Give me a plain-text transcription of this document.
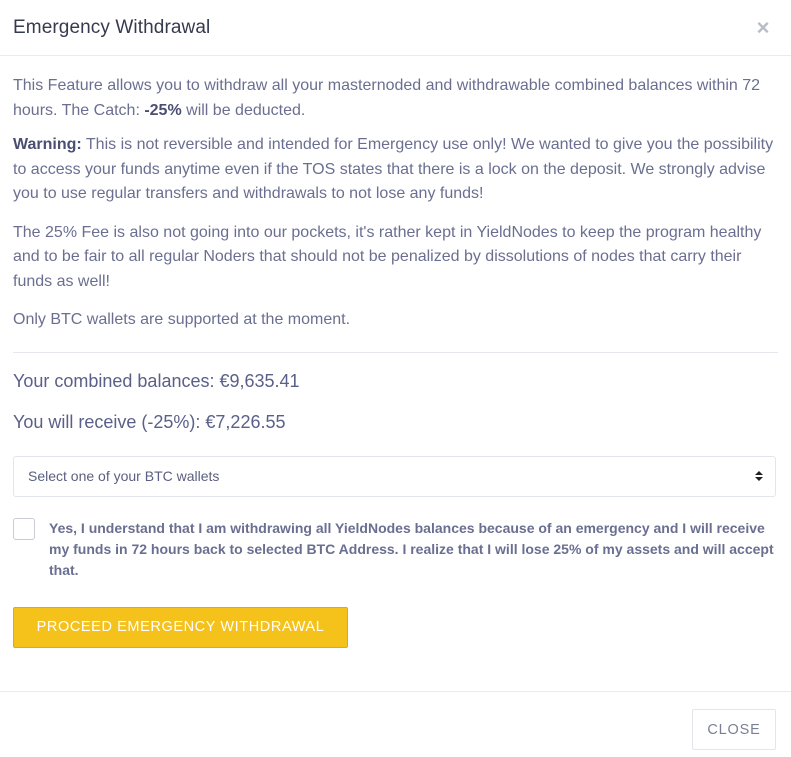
Emergency Withdrawal	×

This Feature allows you to withdraw all your masternoded and withdrawable combined balances within 72 hours. The Catch: -25% will be deducted.

Warning: This is not reversible and intended for Emergency use only! We wanted to give you the possibility to access your funds anytime even if the TOS states that there is a lock on the deposit. We strongly advise you to use regular transfers and withdrawals to not lose any funds!

The 25% Fee is also not going into our pockets, it's rather kept in YieldNodes to keep the program healthy and to be fair to all regular Noders that should not be penalized by dissolutions of nodes that carry their funds as well!

Only BTC wallets are supported at the moment.

Your combined balances: €9,635.41
You will receive (-25%): €7,226.55
Select one of your BTC wallets
Yes, I understand that I am withdrawing all YieldNodes balances because of an emergency and I will receive my funds in 72 hours back to selected BTC Address. I realize that I will lose 25% of my assets and will accept that.
PROCEED EMERGENCY WITHDRAWAL
CLOSE
